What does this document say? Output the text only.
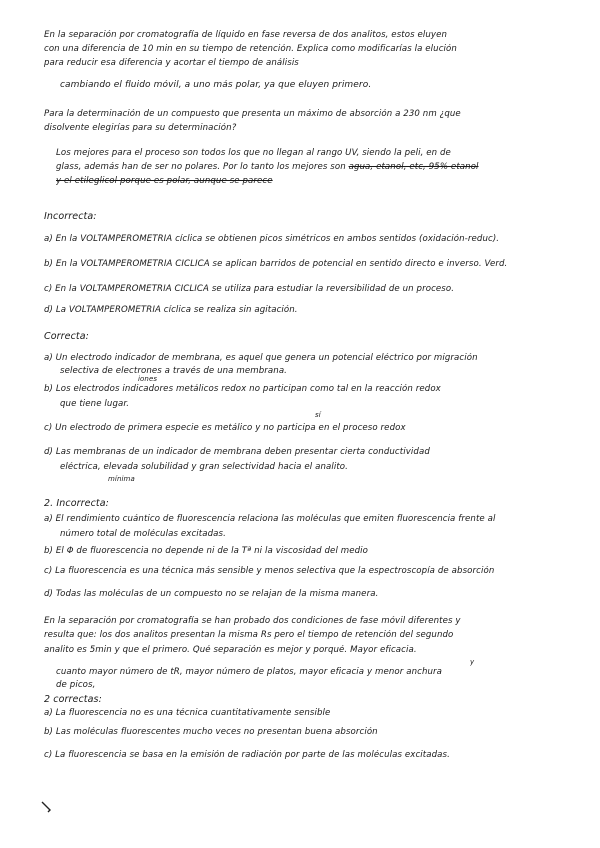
En la separación por cromatografía de líquido en fase reversa de dos analitos, estos eluyen
con una diferencia de 10 min en su tiempo de retención. Explica como modificarías la elución
para reducir esa diferencia y acortar el tiempo de análisis
cambiando el fluido móvil, a uno más polar, ya que eluyen primero.
Para la determinación de un compuesto que presenta un máximo de absorción a 230 nm ¿que
disolvente elegirías para su determinación?
Los mejores para el proceso son todos los que no llegan al rango UV, siendo la peli, en de
glass, además han de ser no polares. Por lo tanto los mejores son agua, etanol, etc, 95% etanol
y el etileglicol porque es polar, aunque se parece
Incorrecta:
a) En la VOLTAMPEROMETRIA cíclica se obtienen picos simétricos en ambos sentidos (oxidación-reduc).
b) En la VOLTAMPEROMETRIA CÍCLICA se aplican barridos de potencial en sentido directo e inverso. Verd.
c) En la VOLTAMPEROMETRIA CÍCLICA se utiliza para estudiar la reversibilidad de un proceso.
d) La VOLTAMPEROMETRIA cíclica se realiza sin agitación.
Correcta:
a) Un electrodo indicador de membrana, es aquel que genera un potencial eléctrico por migración
selectiva de electrones a través de una membrana.
iones
b) Los electrodos indicadores metálicos redox no participan como tal en la reacción redox
que tiene lugar.
sí
c) Un electrodo de primera especie es metálico y no participa en el proceso redox
d) Las membranas de un indicador de membrana deben presentar cierta conductividad
eléctrica, elevada solubilidad y gran selectividad hacia el analito.
mínima
2. Incorrecta:
a) El rendimiento cuántico de fluorescencia relaciona las moléculas que emiten fluorescencia frente al
número total de moléculas excitadas.
b) El Φ de fluorescencia no depende ni de la Tª ni la viscosidad del medio
c) La fluorescencia es una técnica más sensible y menos selectiva que la espectroscopía de absorción
d) Todas las moléculas de un compuesto no se relajan de la misma manera.
En la separación por cromatografía se han probado dos condiciones de fase móvil diferentes y
resulta que: los dos analitos presentan la misma Rs pero el tiempo de retención del segundo
analito es 5min y que el primero. Qué separación es mejor y porqué. Mayor eficacia.
y
cuanto mayor número de tR, mayor número de platos, mayor eficacia y menor anchura
de picos,
2 correctas:
a) La fluorescencia no es una técnica cuantitativamente sensible
b) Las moléculas fluorescentes mucho veces no presentan buena absorción
c) La fluorescencia se basa en la emisión de radiación por parte de las moléculas excitadas.
